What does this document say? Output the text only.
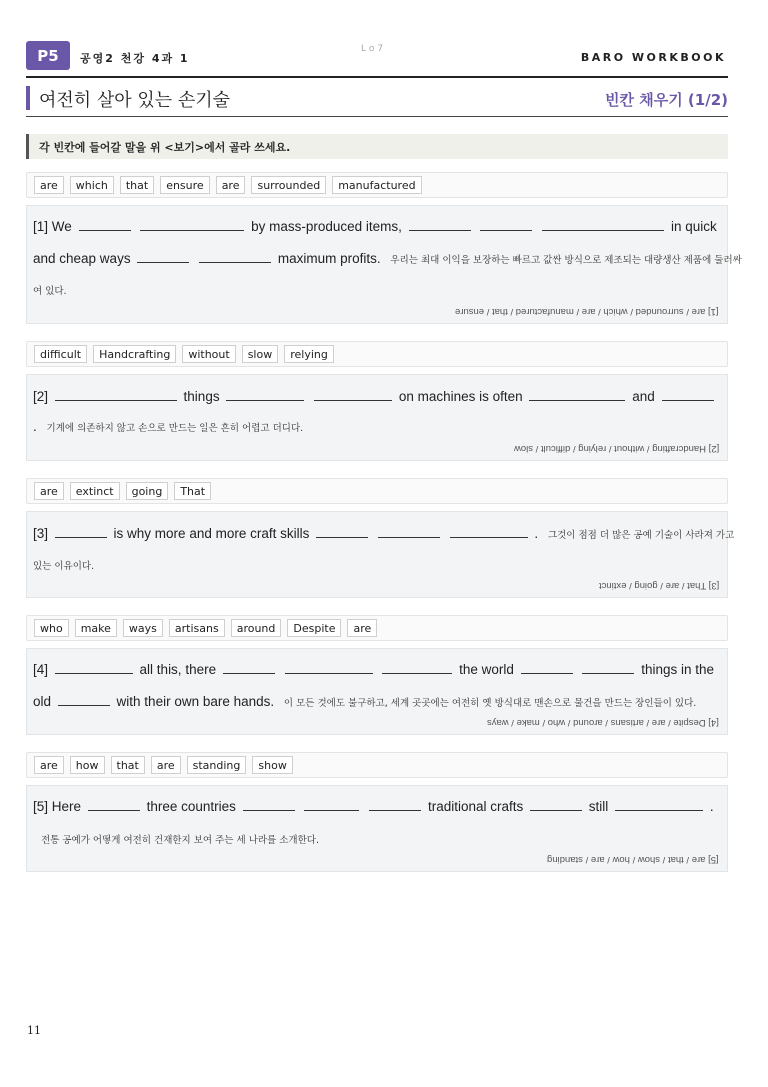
P5	공영2 천강 4과 1
Lo7
BARO WORKBOOK
여전히 살아 있는 손기술	빈칸 채우기 (1/2)
각 빈칸에 들어갈 말을 위 <보기>에서 골라 쓰세요.
are	which	that	ensure	are	surrounded	manufactured
[1] We	by mass-produced items,	in quick
and cheap ways	maximum profits. 우리는 최대 이익을 보장하는 빠르고 값싼 방식으로 제조되는 대량생산 제품에 둘러싸
여 있다.
[1] are / surrounded / which / are / manufactured / that / ensure
difficult	Handcrafting	without	slow	relying
[2]	things	on machines is often	and
. 기계에 의존하지 않고 손으로 만드는 일은 흔히 어렵고 더디다.
[2] Handcrafting / without / relying / difficult / slow
are	extinct	going	That
[3]	is why more and more craft skills	. 그것이 점점 더 많은 공예 기술이 사라져 가고
있는 이유이다.
[3] That / are / going / extinct
who	make	ways	artisans	around	Despite	are
[4]	all this, there	the world	things in the
old	with their own bare hands. 이 모든 것에도 불구하고, 세계 곳곳에는 여전히 옛 방식대로 맨손으로 물건을 만드는 장인들이 있다.
[4] Despite / are / artisans / around / who / make / ways
are	how	that	are	standing	show
[5] Here	three countries	traditional crafts	still	.
전통 공예가 어떻게 여전히 건재한지 보여 주는 세 나라를 소개한다.
[5] are / that / show / how / are / standing
11
